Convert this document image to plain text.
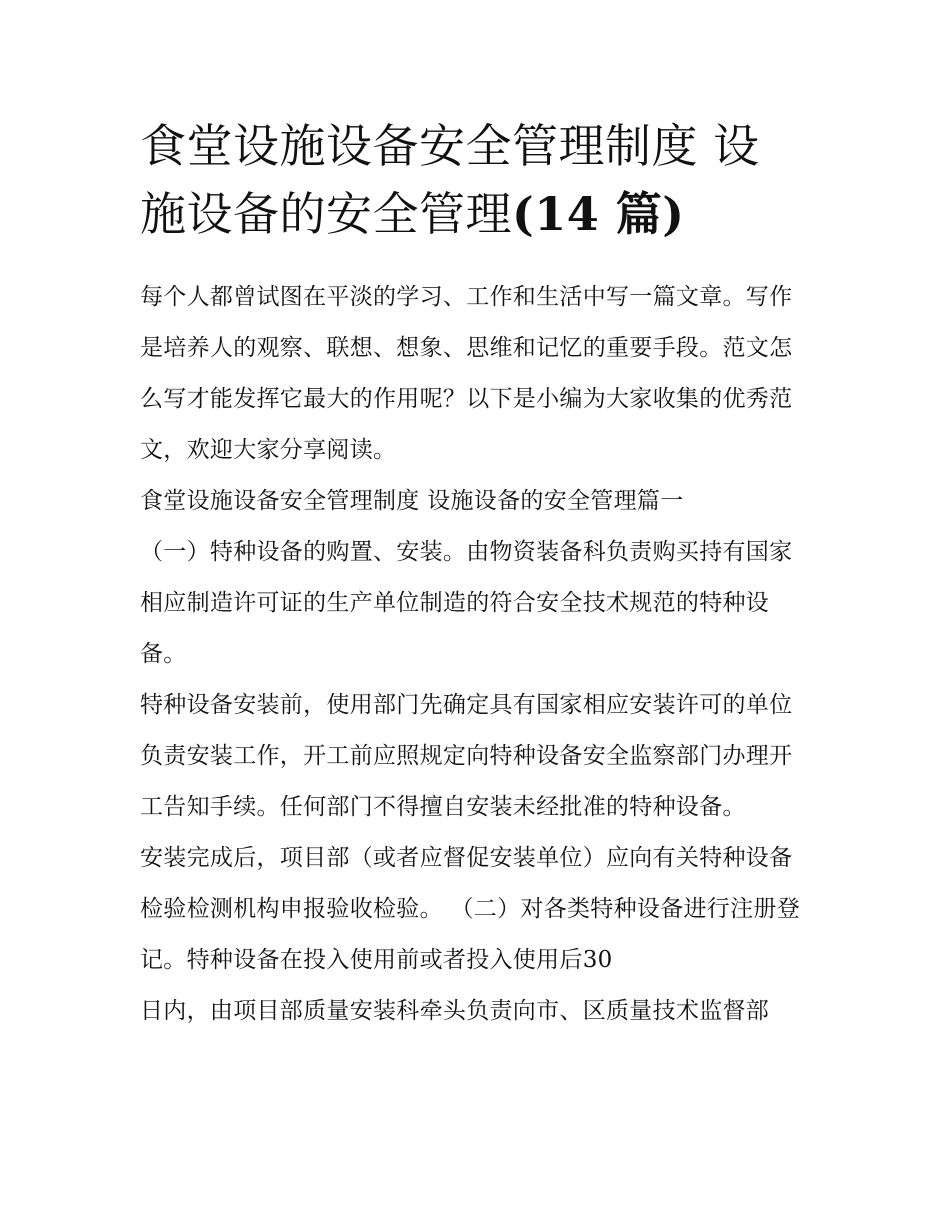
食堂设施设备安全管理制度 设
施设备的安全管理(14 篇)

每个人都曾试图在平淡的学习、工作和生活中写一篇文章。写作是培养人的观察、联想、想象、思维和记忆的重要手段。范文怎么写才能发挥它最大的作用呢？以下是小编为大家收集的优秀范文，欢迎大家分享阅读。

食堂设施设备安全管理制度 设施设备的安全管理篇一

（一）特种设备的购置、安装。由物资装备科负责购买持有国家相应制造许可证的生产单位制造的符合安全技术规范的特种设备。

特种设备安装前，使用部门先确定具有国家相应安装许可的单位负责安装工作，开工前应照规定向特种设备安全监察部门办理开工告知手续。任何部门不得擅自安装未经批准的特种设备。

安装完成后，项目部（或者应督促安装单位）应向有关特种设备检验检测机构申报验收检验。 （二）对各类特种设备进行注册登记。特种设备在投入使用前或者投入使用后30

日内，由项目部质量安装科牵头负责向市、区质量技术监督部
